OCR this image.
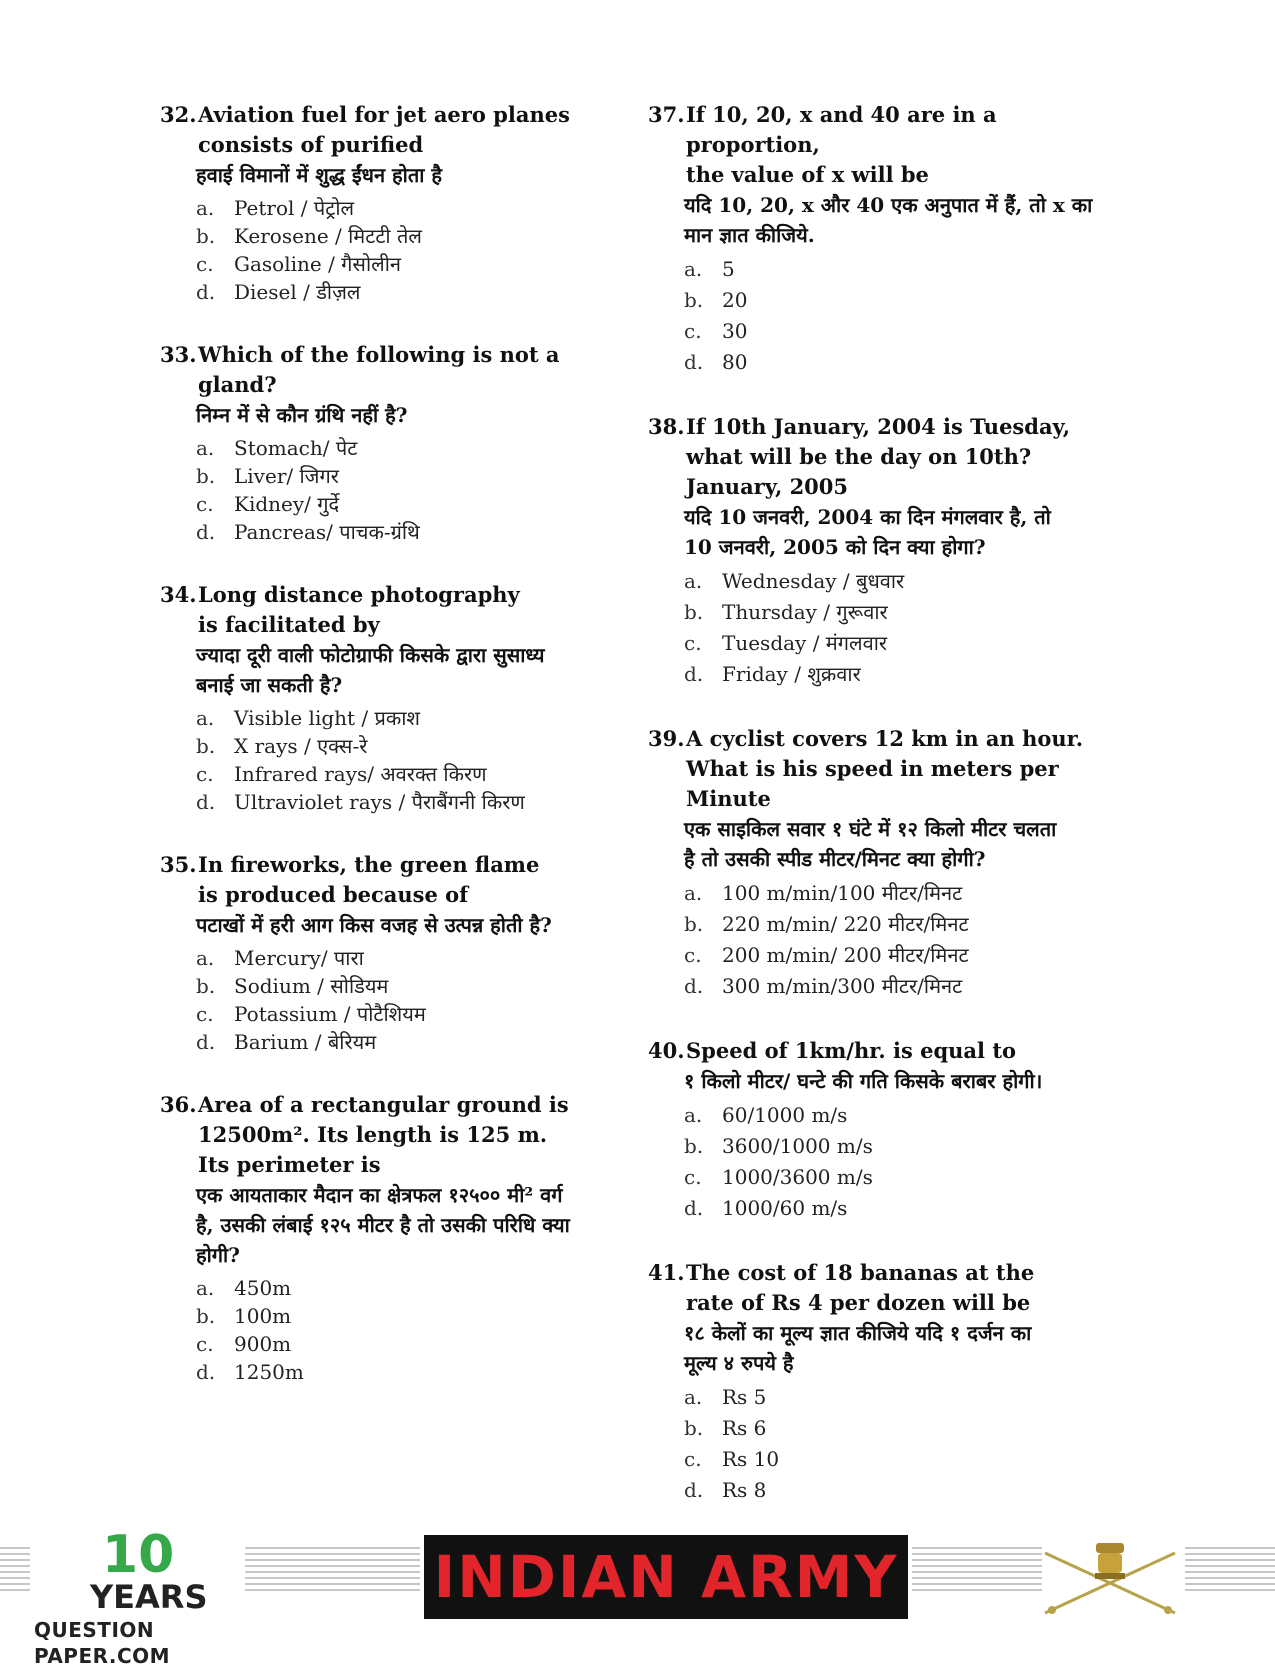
32. Aviation fuel for jet aero planes
consists of purified
हवाई विमानों में शुद्ध ईंधन होता है
a. Petrol / पेट्रोल
b. Kerosene / मिटटी तेल
c.	Gasoline / गैसोलीन
d. Diesel / डीज़ल
33. Which of the following is not a gland?
निम्न में से कौन ग्रंथि नहीं है?
a. Stomach/ पेट
b. Liver/ जिगर
c.	Kidney/ गुर्दे
d. Pancreas/ पाचक-ग्रंथि
34. Long distance photography
is facilitated by
ज्यादा दूरी वाली फोटोग्राफी किसके द्वारा सुसाध्य
बनाई जा सकती है?
a. Visible light / प्रकाश
b. X rays / एक्स-रे
c.	Infrared rays/ अवरक्त किरण
d. Ultraviolet rays / पैराबैंगनी किरण
35. In fireworks, the green flame
is produced because of
पटाखों में हरी आग किस वजह से उत्पन्न होती है?
a. Mercury/ पारा
b. Sodium / सोडियम
c.	Potassium / पोटैशियम
d. Barium / बेरियम
36. Area of a rectangular ground is
12500m². Its length is 125 m.
Its perimeter is
एक आयताकार मैदान का क्षेत्रफल १२५०० मी² वर्ग
है, उसकी लंबाई १२५ मीटर है तो उसकी परिधि क्या
होगी?
a. 450m
b. 100m
c.	900m
d. 1250m
37. If 10, 20, x and 40 are in a proportion,
the value of x will be
यदि 10, 20, x और 40 एक अनुपात में हैं, तो x का
मान ज्ञात कीजिये.
a. 5
b. 20
c.	30
d. 80
38. If 10th January, 2004 is Tuesday,
what will be the day on 10th?
January, 2005
यदि 10 जनवरी, 2004 का दिन मंगलवार है, तो
10 जनवरी, 2005 को दिन क्या होगा?
a. Wednesday / बुधवार
b. Thursday / गुरूवार
c.	Tuesday / मंगलवार
d. Friday / शुक्रवार
39. A cyclist covers 12 km in an hour.
What is his speed in meters per
Minute
एक साइकिल सवार १ घंटे में १२ किलो मीटर चलता
है तो उसकी स्पीड मीटर/मिनट क्या होगी?
a. 100 m/min/100 मीटर/मिनट
b. 220 m/min/ 220 मीटर/मिनट
c.	200 m/min/ 200 मीटर/मिनट
d. 300 m/min/300 मीटर/मिनट
40. Speed of 1km/hr. is equal to
१ किलो मीटर/ घन्टे की गति किसके बराबर होगी।
a. 60/1000 m/s
b. 3600/1000 m/s
c.	1000/3600 m/s
d. 1000/60 m/s
41. The cost of 18 bananas at the
rate of Rs 4 per dozen will be
१८ केलों का मूल्य ज्ञात कीजिये यदि १ दर्जन का
मूल्य ४ रुपये है
a. Rs 5
b. Rs 6
c.	Rs 10
d. Rs 8
10
YEARS
QUESTION PAPER.COM
INDIAN ARMY
